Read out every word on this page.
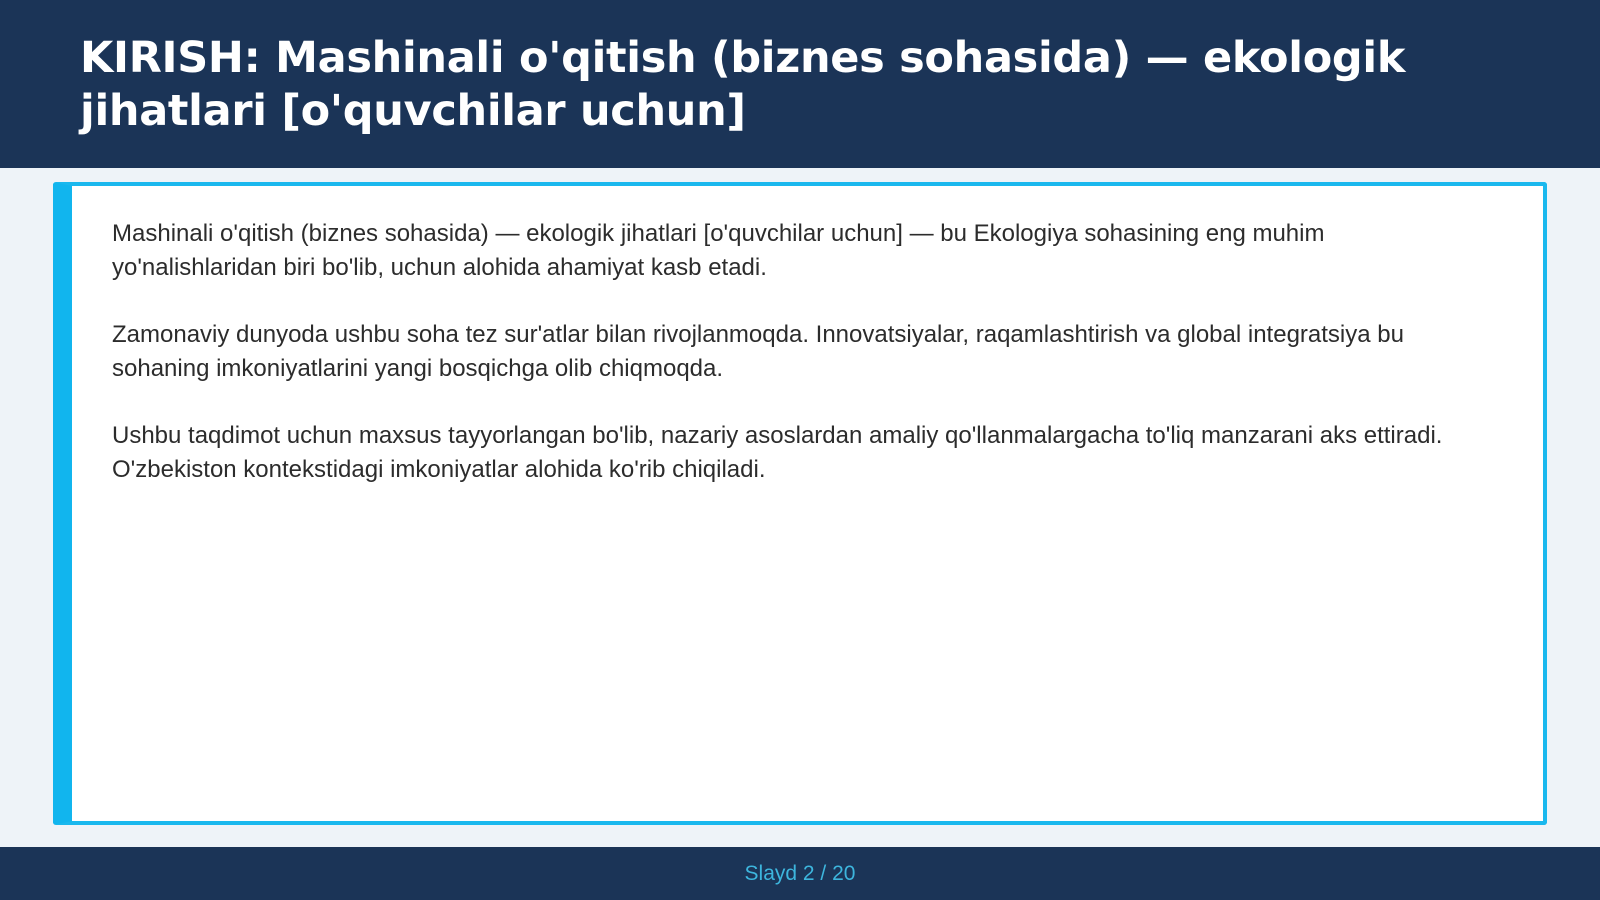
KIRISH: Mashinali o'qitish (biznes sohasida) — ekologik jihatlari [o'quvchilar uchun]

Mashinali o'qitish (biznes sohasida) — ekologik jihatlari [o'quvchilar uchun] — bu Ekologiya sohasining eng muhim yo'nalishlaridan biri bo'lib, uchun alohida ahamiyat kasb etadi.

Zamonaviy dunyoda ushbu soha tez sur'atlar bilan rivojlanmoqda. Innovatsiyalar, raqamlashtirish va global integratsiya bu sohaning imkoniyatlarini yangi bosqichga olib chiqmoqda.

Ushbu taqdimot uchun maxsus tayyorlangan bo'lib, nazariy asoslardan amaliy qo'llanmalargacha to'liq manzarani aks ettiradi. O'zbekiston kontekstidagi imkoniyatlar alohida ko'rib chiqiladi.

Slayd 2 / 20
